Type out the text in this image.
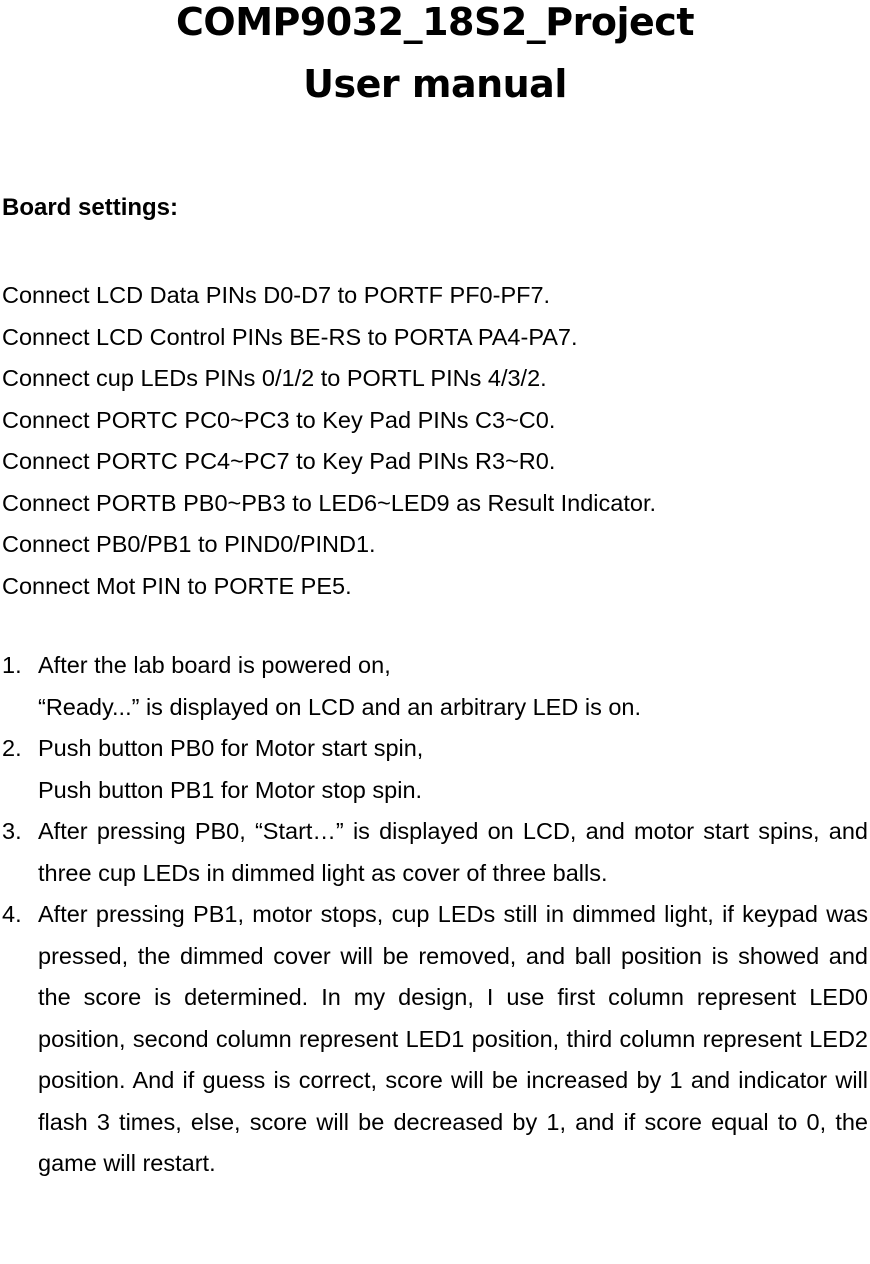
COMP9032_18S2_Project
User manual
Board settings:
Connect LCD Data PINs D0-D7 to PORTF PF0-PF7.
Connect LCD Control PINs BE-RS to PORTA PA4-PA7.
Connect cup LEDs PINs 0/1/2 to PORTL PINs 4/3/2.
Connect PORTC PC0~PC3 to Key Pad PINs C3~C0.
Connect PORTC PC4~PC7 to Key Pad PINs R3~R0.
Connect PORTB PB0~PB3 to LED6~LED9 as Result Indicator.
Connect PB0/PB1 to PIND0/PIND1.
Connect Mot PIN to PORTE PE5.
1. After the lab board is powered on,
“Ready...” is displayed on LCD and an arbitrary LED is on.
2. Push button PB0 for Motor start spin,
Push button PB1 for Motor stop spin.
3. After pressing PB0, “Start…” is displayed on LCD, and motor start spins, and three cup LEDs in dimmed light as cover of three balls.
4. After pressing PB1, motor stops, cup LEDs still in dimmed light, if keypad was pressed, the dimmed cover will be removed, and ball position is showed and the score is determined. In my design, I use first column represent LED0 position, second column represent LED1 position, third column represent LED2 position. And if guess is correct, score will be increased by 1 and indicator will flash 3 times, else, score will be decreased by 1, and if score equal to 0, the game will restart.
